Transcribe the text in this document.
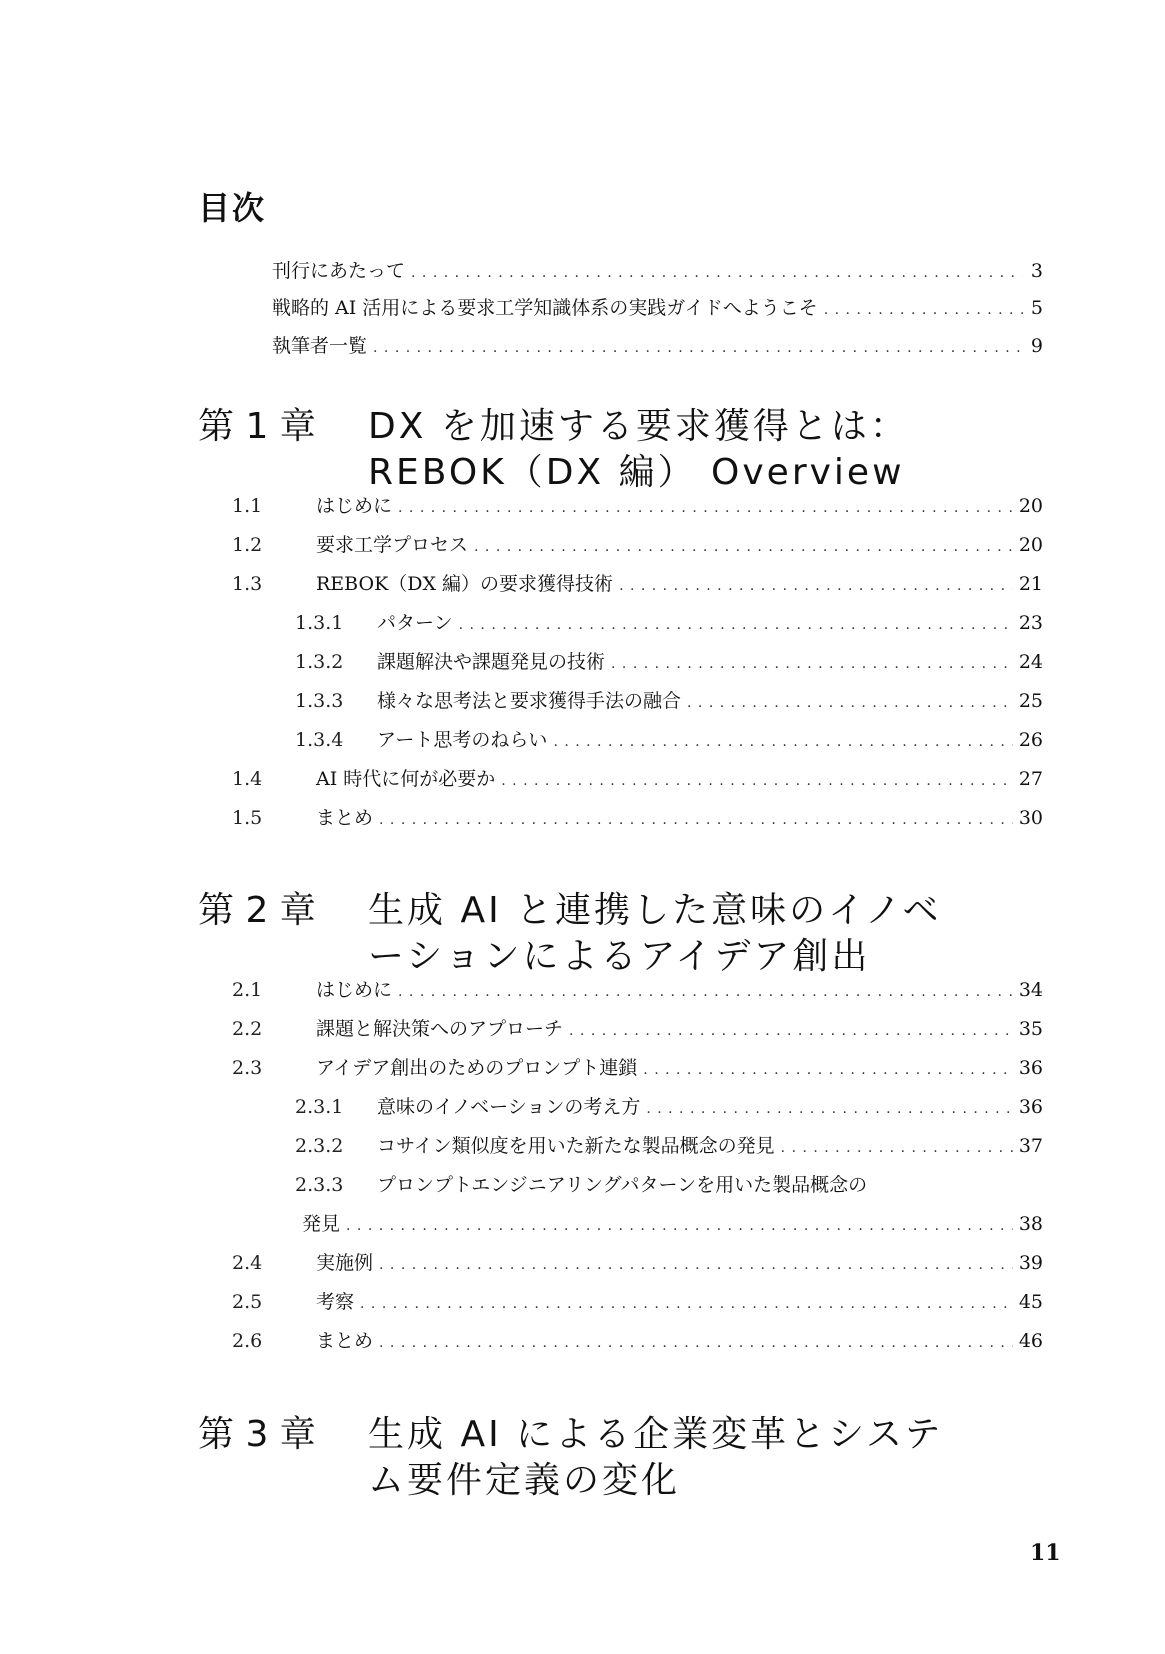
目次
刊行にあたって . . .	3
戦略的 AI 活用による要求工学知識体系の実践ガイドへようこそ . . .	5
執筆者一覧 . . .	9
第 1 章 DX を加速する要求獲得とは：REBOK（DX 編） Overview
1.1	はじめに . . .	20
1.2	要求工学プロセス . . .	20
1.3	REBOK（DX 編）の要求獲得技術 . . .	21
1.3.1	パターン . . .	23
1.3.2	課題解決や課題発見の技術 . . .	24
1.3.3	様々な思考法と要求獲得手法の融合 . . .	25
1.3.4	アート思考のねらい . . .	26
1.4	AI 時代に何が必要か . . .	27
1.5	まとめ . . .	30
第 2 章 生成 AI と連携した意味のイノベーションによるアイデア創出
2.1	はじめに . . .	34
2.2	課題と解決策へのアプローチ . . .	35
2.3	アイデア創出のためのプロンプト連鎖 . . .	36
2.3.1	意味のイノベーションの考え方 . . .	36
2.3.2	コサイン類似度を用いた新たな製品概念の発見 . . .	37
2.3.3	プロンプトエンジニアリングパターンを用いた製品概念の
発見 . . .	38
2.4	実施例 . . .	39
2.5	考察 . . .	45
2.6	まとめ . . .	46
第 3 章 生成 AI による企業変革とシステム要件定義の変化
11
